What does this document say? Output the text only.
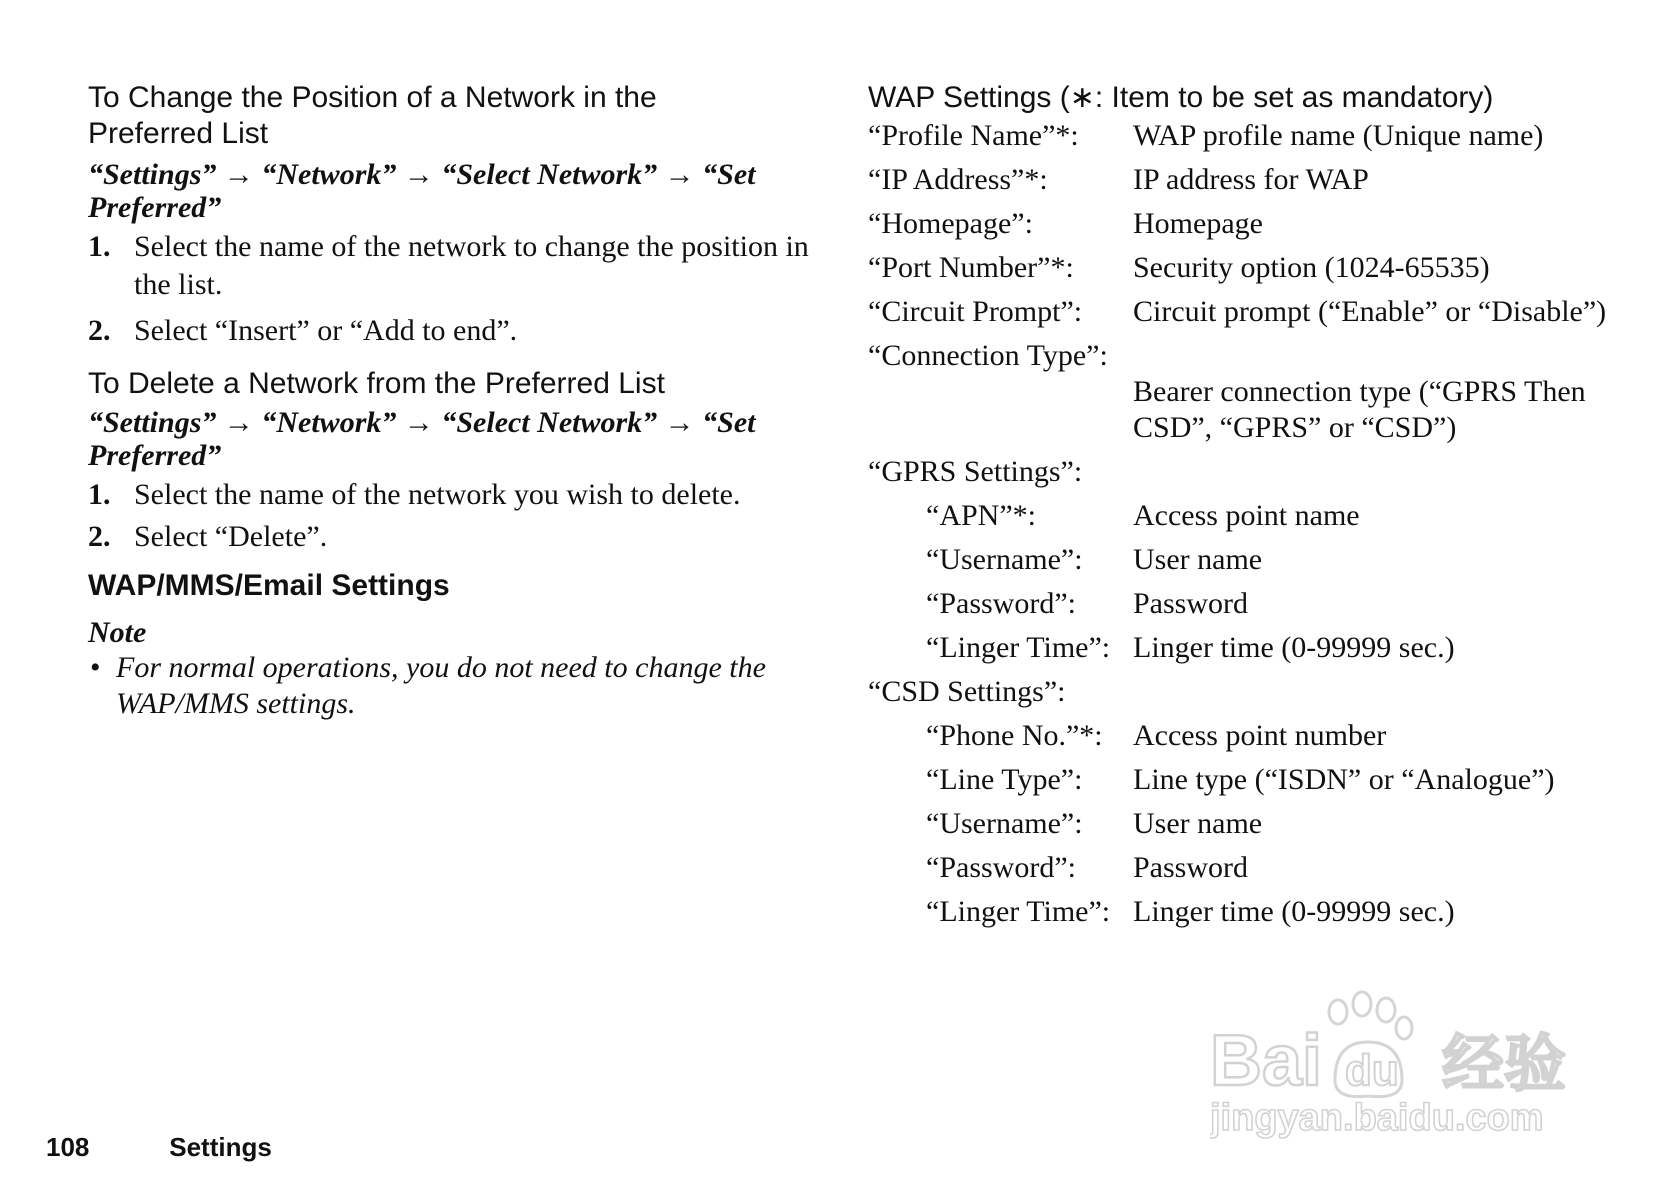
To Change the Position of a Network in the
Preferred List

“Settings” → “Network” → “Select Network” → “Set Preferred”

1. Select the name of the network to change the position in the list.
2. Select “Insert” or “Add to end”.
To Delete a Network from the Preferred List

“Settings” → “Network” → “Select Network” → “Set Preferred”

1. Select the name of the network you wish to delete.
2. Select “Delete”.
WAP/MMS/Email Settings

Note

• For normal operations, you do not need to change the WAP/MMS settings.
WAP Settings (∗: Item to be set as mandatory)
“Profile Name”*:	WAP profile name (Unique name)
“IP Address”*:	IP address for WAP
“Homepage”:	Homepage
“Port Number”*:	Security option (1024-65535)
“Circuit Prompt”:	Circuit prompt (“Enable” or “Disable”)
“Connection Type”:
Bearer connection type (“GPRS Then CSD”, “GPRS” or “CSD”)
“GPRS Settings”:
“APN”*:	Access point name
“Username”:	User name
“Password”:	Password
“Linger Time”: Linger time (0-99999 sec.)
“CSD Settings”:
“Phone No.”*:	Access point number
“Line Type”:	Line type (“ISDN” or “Analogue”)
“Username”:	User name
“Password”:	Password
“Linger Time”: Linger time (0-99999 sec.)
Bai du 经验
jingyan.baidu.com
108	Settings
